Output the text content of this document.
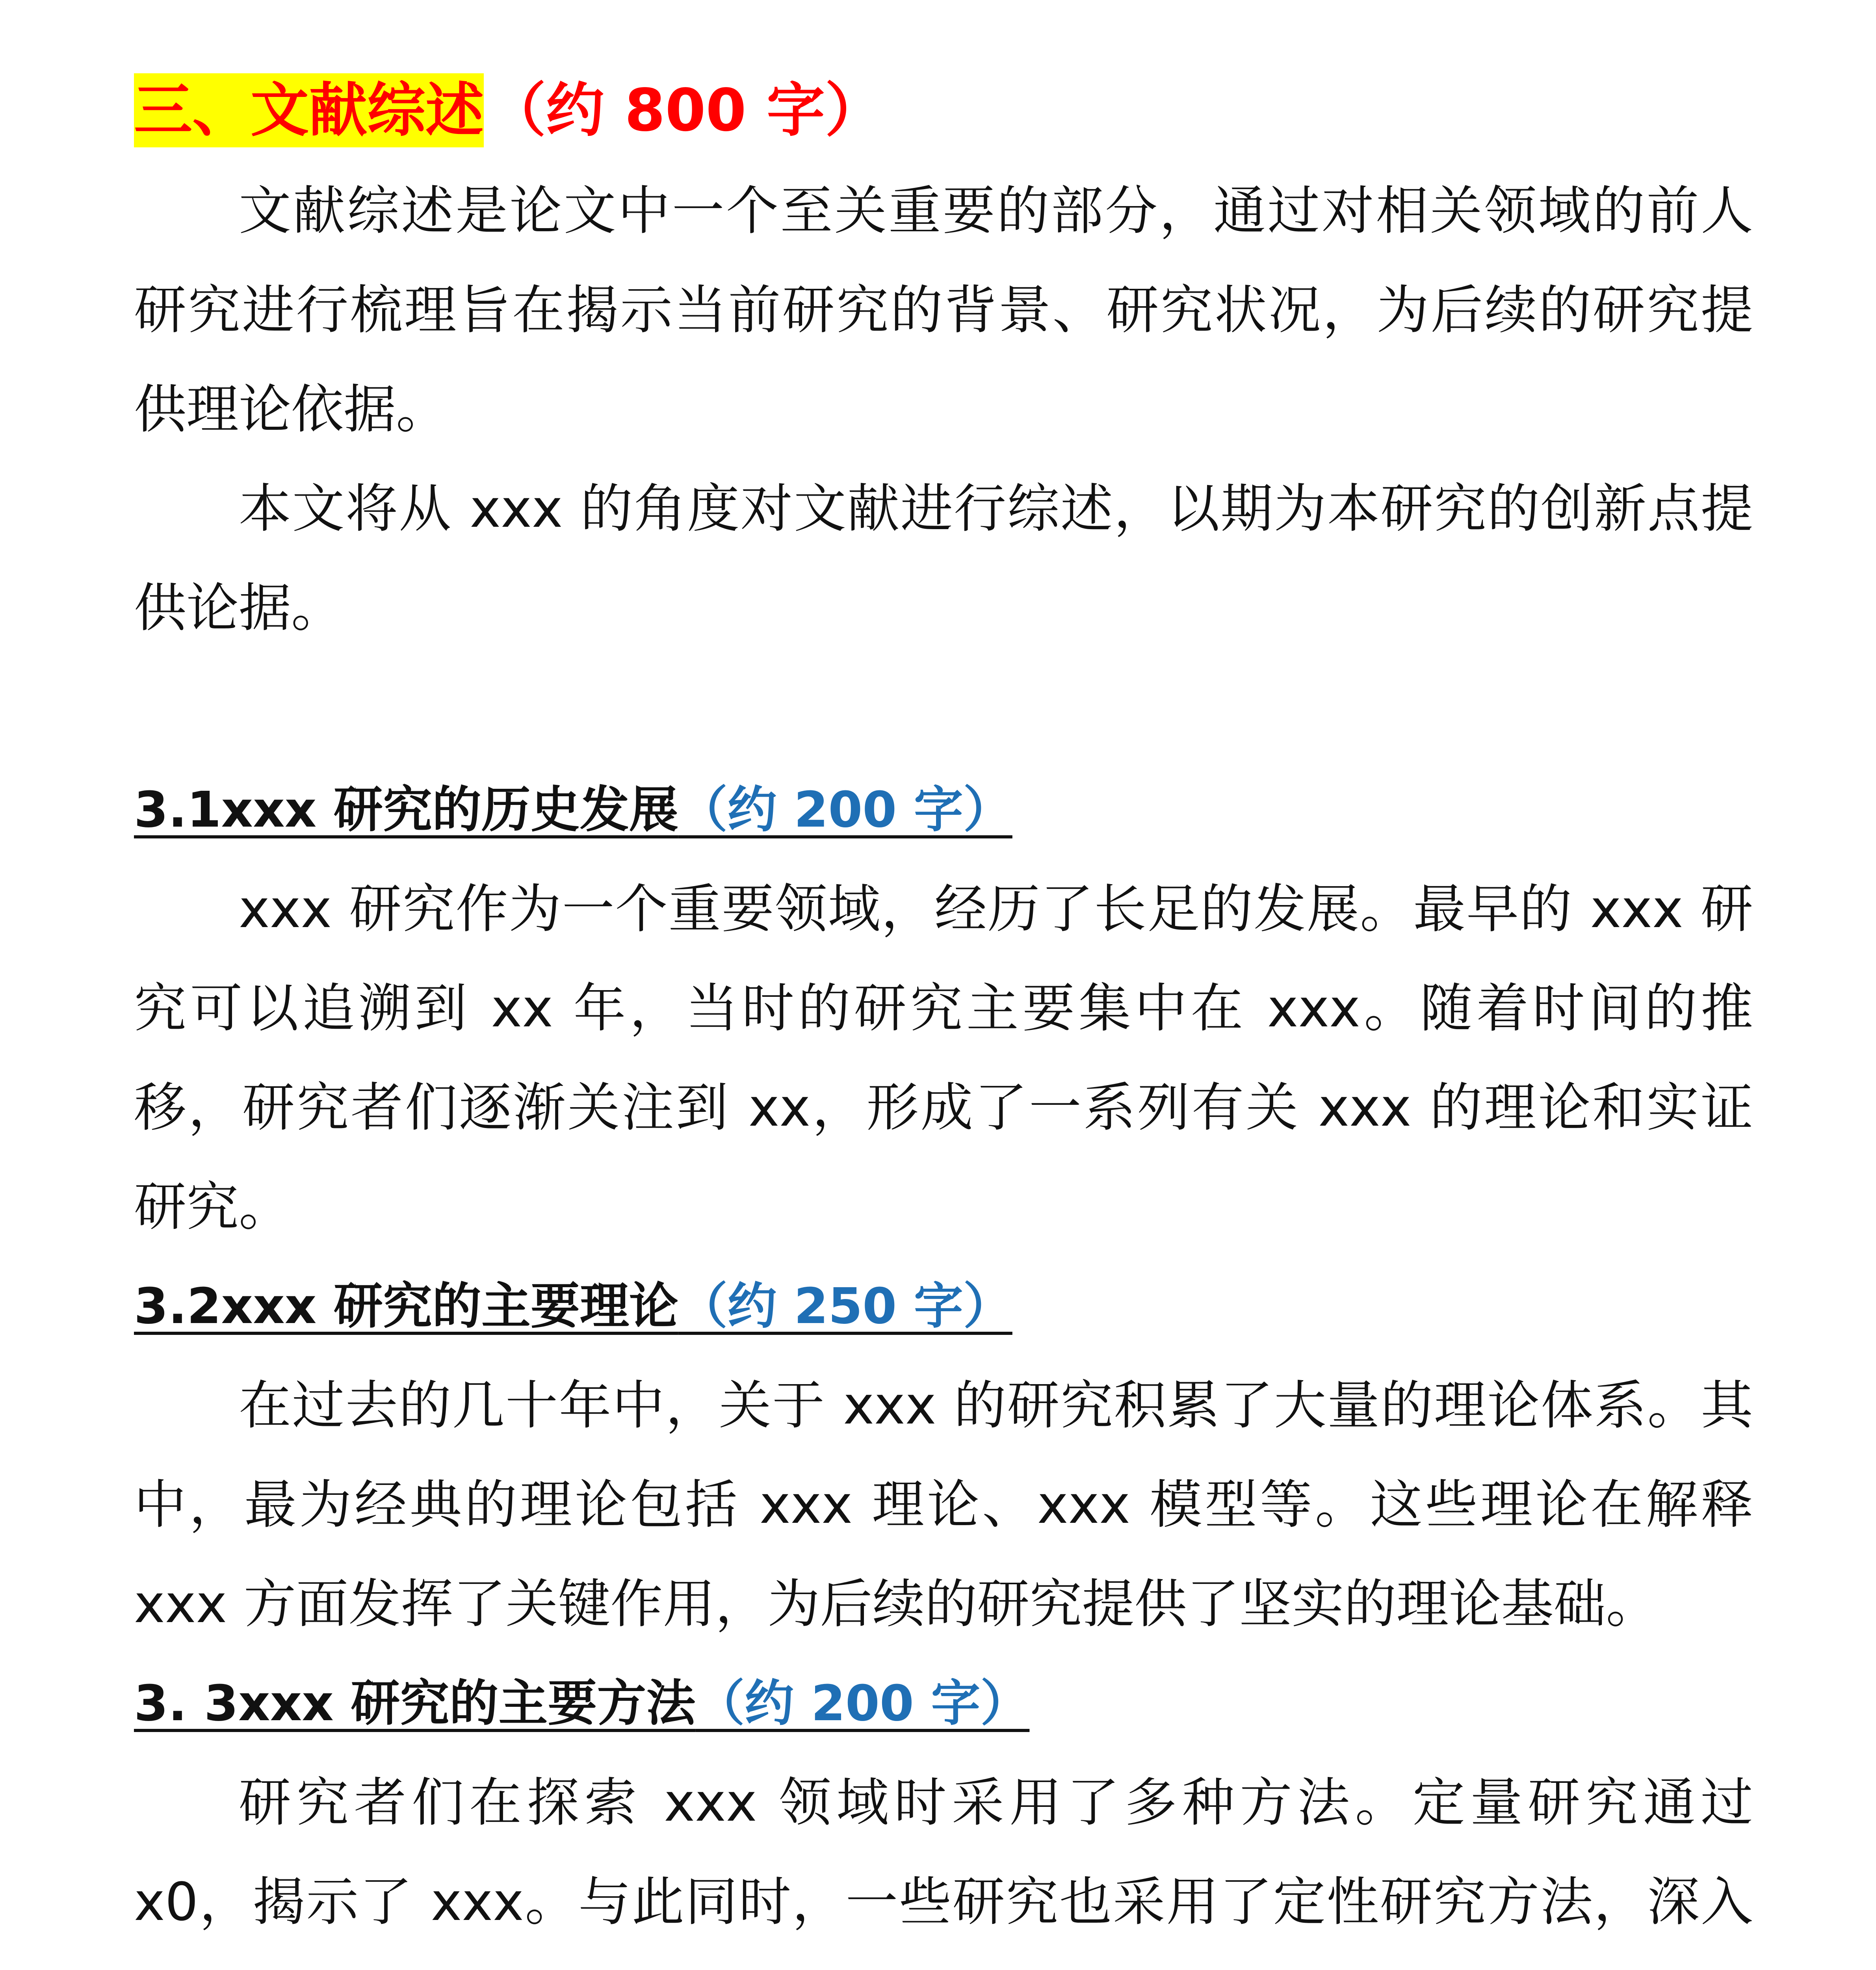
三、文献综述（约 800 字）

文献综述是论文中一个至关重要的部分，通过对相关领域的前人研究进行梳理旨在揭示当前研究的背景、研究状况，为后续的研究提供理论依据。

本文将从 xxx 的角度对文献进行综述，以期为本研究的创新点提供论据。

3.1xxx 研究的历史发展（约 200 字）

xxx 研究作为一个重要领域，经历了长足的发展。最早的 xxx 研究可以追溯到 xx 年，当时的研究主要集中在 xxx。随着时间的推移，研究者们逐渐关注到 xx，形成了一系列有关 xxx 的理论和实证研究。

3.2xxx 研究的主要理论（约 250 字）

在过去的几十年中，关于 xxx 的研究积累了大量的理论体系。其中，最为经典的理论包括 xxx 理论、xxx 模型等。这些理论在解释 xxx 方面发挥了关键作用，为后续的研究提供了坚实的理论基础。

3. 3xxx 研究的主要方法（约 200 字）

研究者们在探索 xxx 领域时采用了多种方法。定量研究通过 x0，揭示了 xxx。与此同时，一些研究也采用了定性研究方法，深入
